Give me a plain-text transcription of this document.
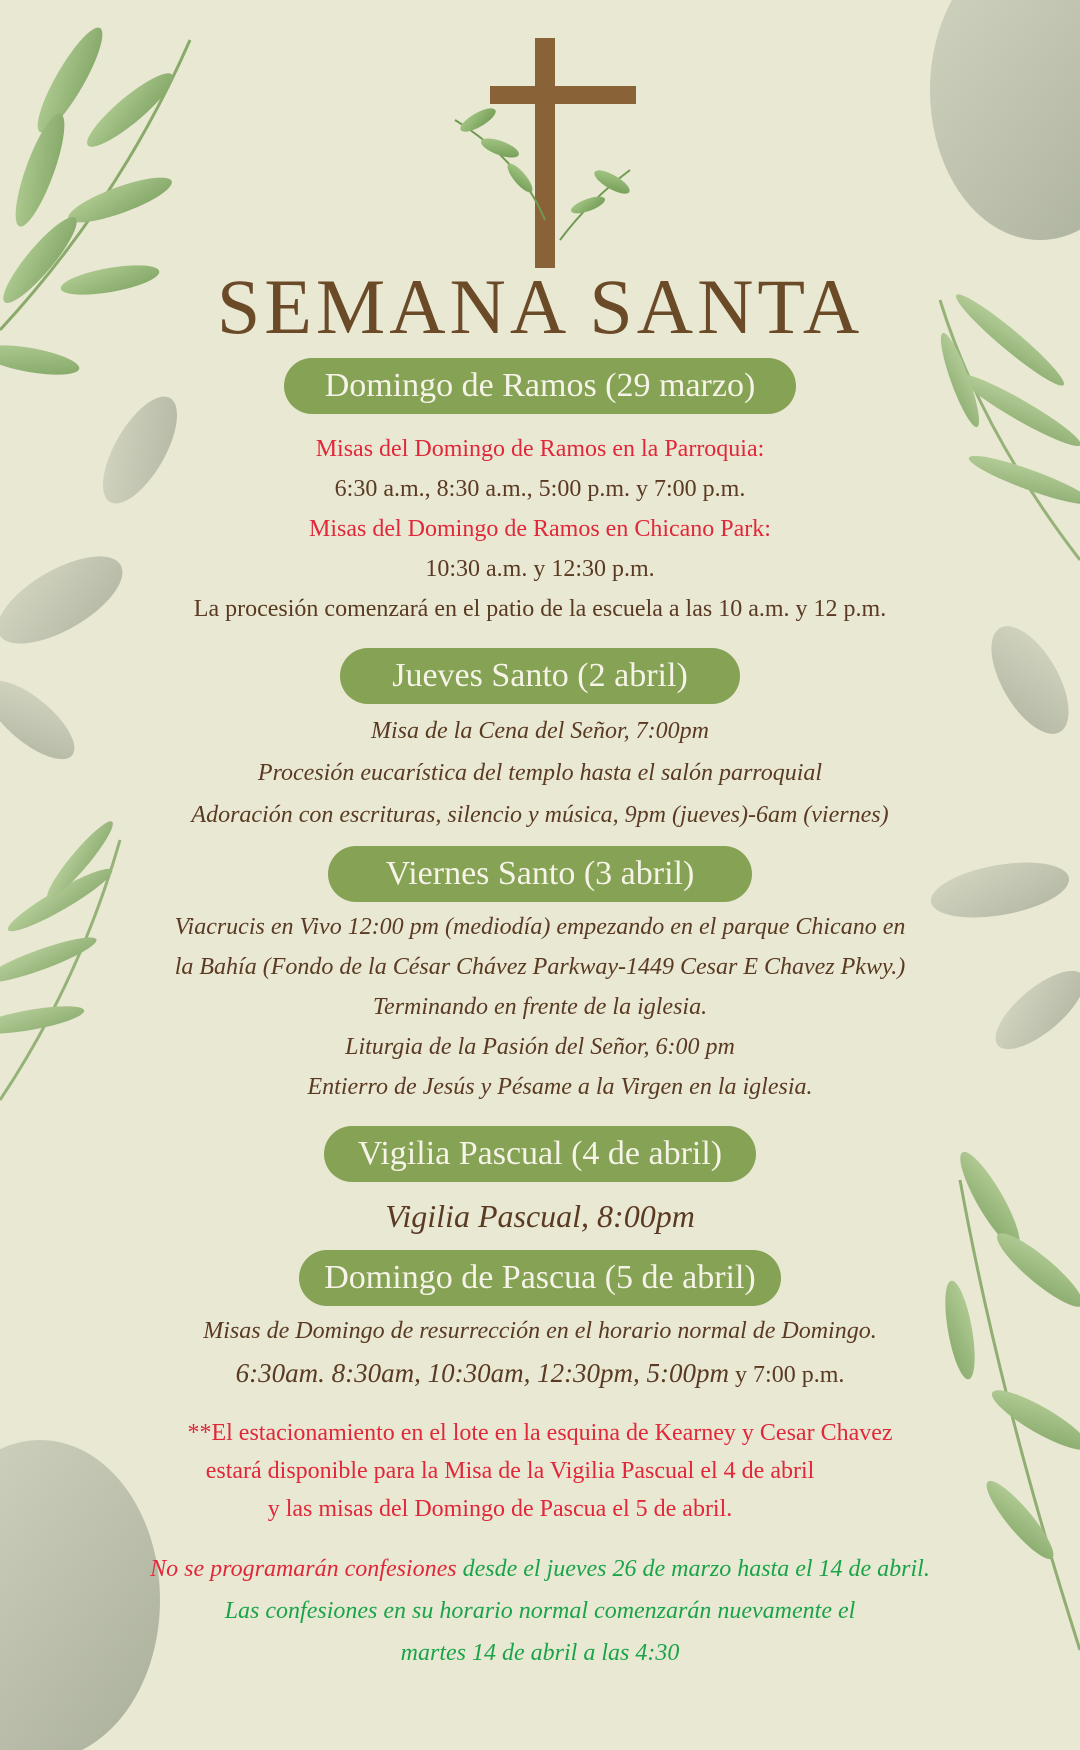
SEMANA SANTA
Domingo de Ramos (29 marzo)
Misas del Domingo de Ramos en la Parroquia:
6:30 a.m., 8:30 a.m., 5:00 p.m. y 7:00 p.m.
Misas del Domingo de Ramos en Chicano Park:
10:30 a.m. y 12:30 p.m.
La procesión comenzará en el patio de la escuela a las 10 a.m. y 12 p.m.
Jueves Santo (2 abril)
Misa de la Cena del Señor, 7:00pm
Procesión eucarística del templo hasta el salón parroquial
Adoración con escrituras, silencio y música, 9pm (jueves)-6am (viernes)
Viernes Santo (3 abril)
Viacrucis en Vivo 12:00 pm (mediodía) empezando en el parque Chicano en
la Bahía (Fondo de la César Chávez Parkway-1449 Cesar E Chavez Pkwy.)
Terminando en frente de la iglesia.
Liturgia de la Pasión del Señor, 6:00 pm
Entierro de Jesús y Pésame a la Virgen en la iglesia.
Vigilia Pascual (4 de abril)
Vigilia Pascual, 8:00pm
Domingo de Pascua (5 de abril)
Misas de Domingo de resurrección en el horario normal de Domingo.
6:30am. 8:30am, 10:30am, 12:30pm, 5:00pm y 7:00 p.m.
**El estacionamiento en el lote en la esquina de Kearney y Cesar Chavez
estará disponible para la Misa de la Vigilia Pascual el 4 de abril
y las misas del Domingo de Pascua el 5 de abril.
No se programarán confesiones desde el jueves 26 de marzo hasta el 14 de abril.
Las confesiones en su horario normal comenzarán nuevamente el
martes 14 de abril a las 4:30
